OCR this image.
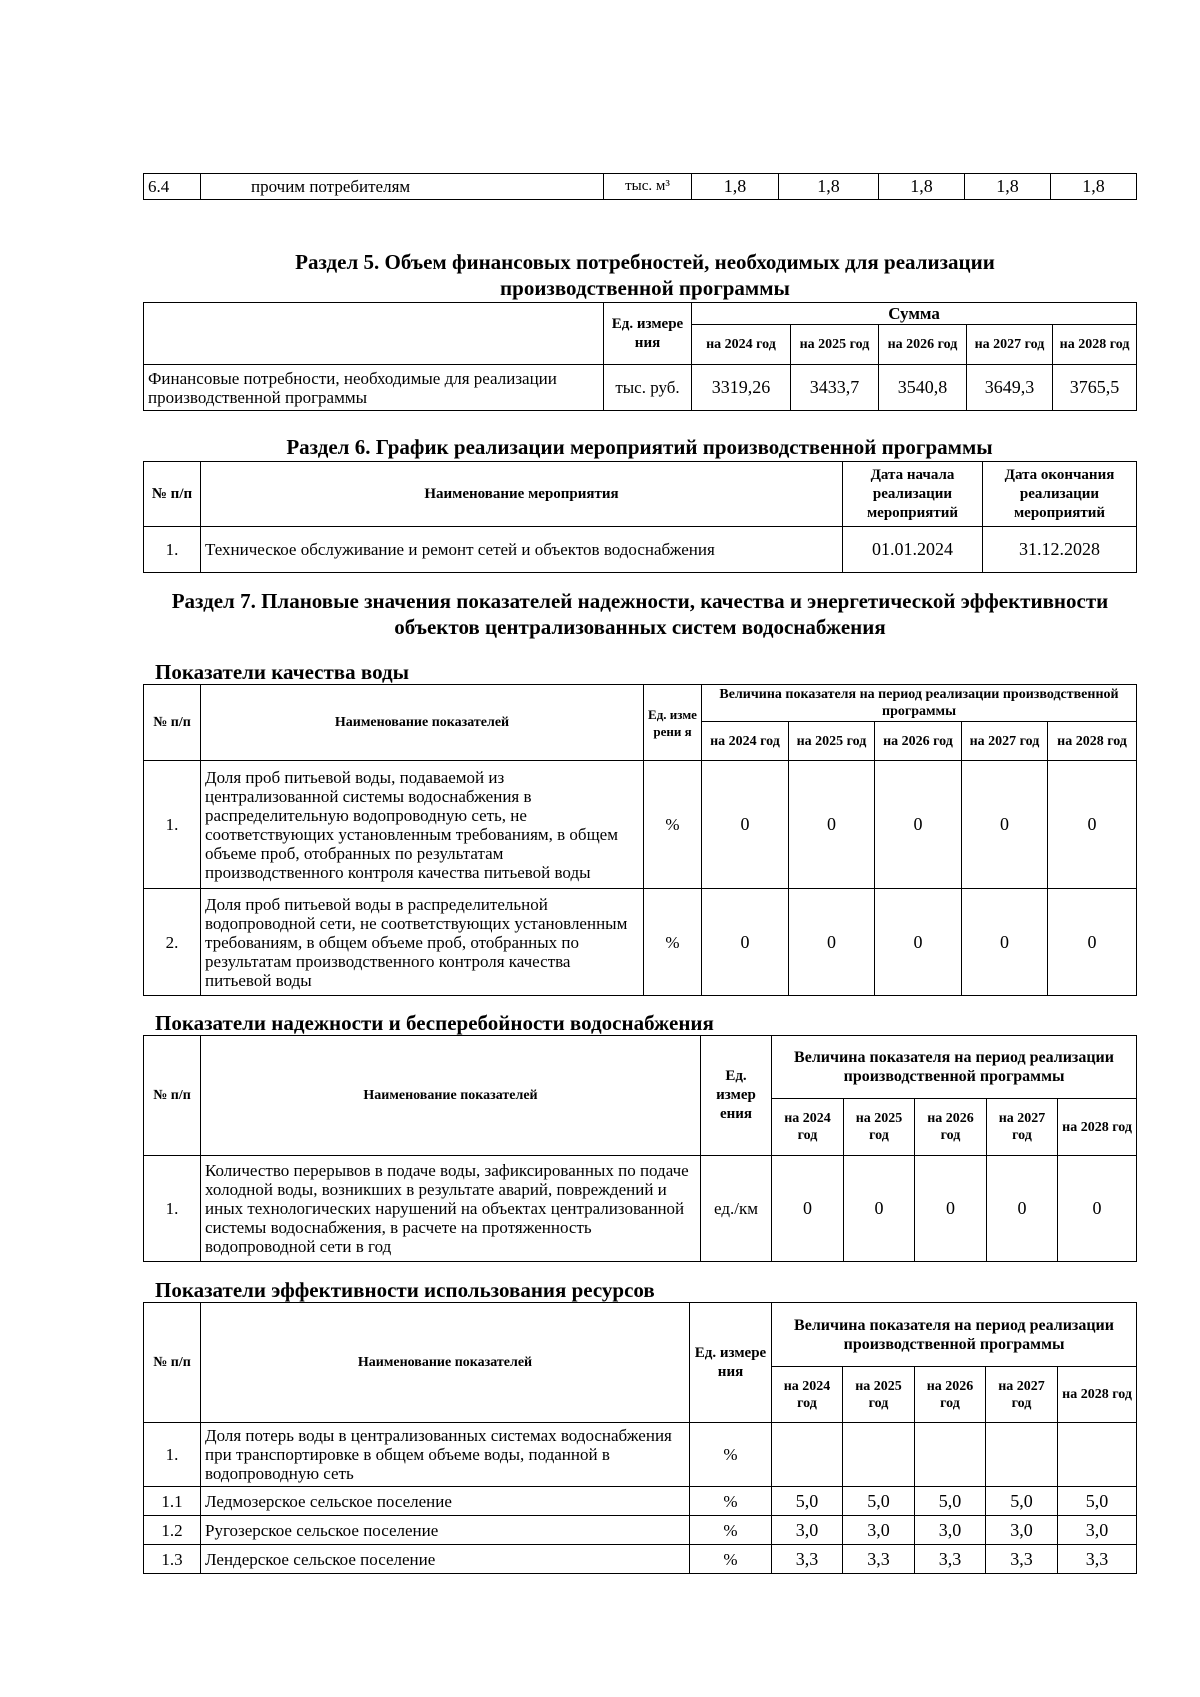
6.4	прочим потребителям	тыс. м³	1,8	1,8	1,8	1,8	1,8
Раздел 5. Объем финансовых потребностей, необходимых для реализации производственной программы
	Ед. измере ния	Сумма				
		на 2024 год	на 2025 год	на 2026 год	на 2027 год	на 2028 год
Финансовые потребности, необходимые для реализации производственной программы	тыс. руб.	3319,26	3433,7	3540,8	3649,3	3765,5
Раздел 6. График реализации мероприятий производственной программы
№ п/п	Наименование мероприятия	Дата начала реализации мероприятий	Дата окончания реализации мероприятий
1.	Техническое обслуживание и ремонт сетей и объектов водоснабжения	01.01.2024	31.12.2028
Раздел 7. Плановые значения показателей надежности, качества и энергетической эффективности объектов централизованных систем водоснабжения
Показатели качества воды
№ п/п	Наименование показателей	Ед. изме рени я	Величина показателя на период реализации производственной программы				
			на 2024 год	на 2025 год	на 2026 год	на 2027 год	на 2028 год
1.	Доля проб питьевой воды, подаваемой из централизованной системы водоснабжения в распределительную водопроводную сеть, не соответствующих установленным требованиям, в общем объеме проб, отобранных по результатам производственного контроля качества питьевой воды	%	0	0	0	0	0
2.	Доля проб питьевой воды в распределительной водопроводной сети, не соответствующих установленным требованиям, в общем объеме проб, отобранных по результатам производственного контроля качества питьевой воды	%	0	0	0	0	0
Показатели надежности и бесперебойности водоснабжения
№ п/п	Наименование показателей	Ед. измер ения	Величина показателя на период реализации производственной программы				
			на 2024 год	на 2025 год	на 2026 год	на 2027 год	на 2028 год
1.	Количество перерывов в подаче воды, зафиксированных по подаче холодной воды, возникших в результате аварий, повреждений и иных технологических нарушений на объектах централизованной системы водоснабжения, в расчете на протяженность водопроводной сети в год	ед./км	0	0	0	0	0
Показатели эффективности использования ресурсов
№ п/п	Наименование показателей	Ед. измере ния	Величина показателя на период реализации производственной программы				
			на 2024 год	на 2025 год	на 2026 год	на 2027 год	на 2028 год
1.	Доля потерь воды в централизованных системах водоснабжения при транспортировке в общем объеме воды, поданной в водопроводную сеть	%					
1.1	Ледмозерское сельское поселение	%	5,0	5,0	5,0	5,0	5,0
1.2	Ругозерское сельское поселение	%	3,0	3,0	3,0	3,0	3,0
1.3	Лендерское сельское поселение	%	3,3	3,3	3,3	3,3	3,3
